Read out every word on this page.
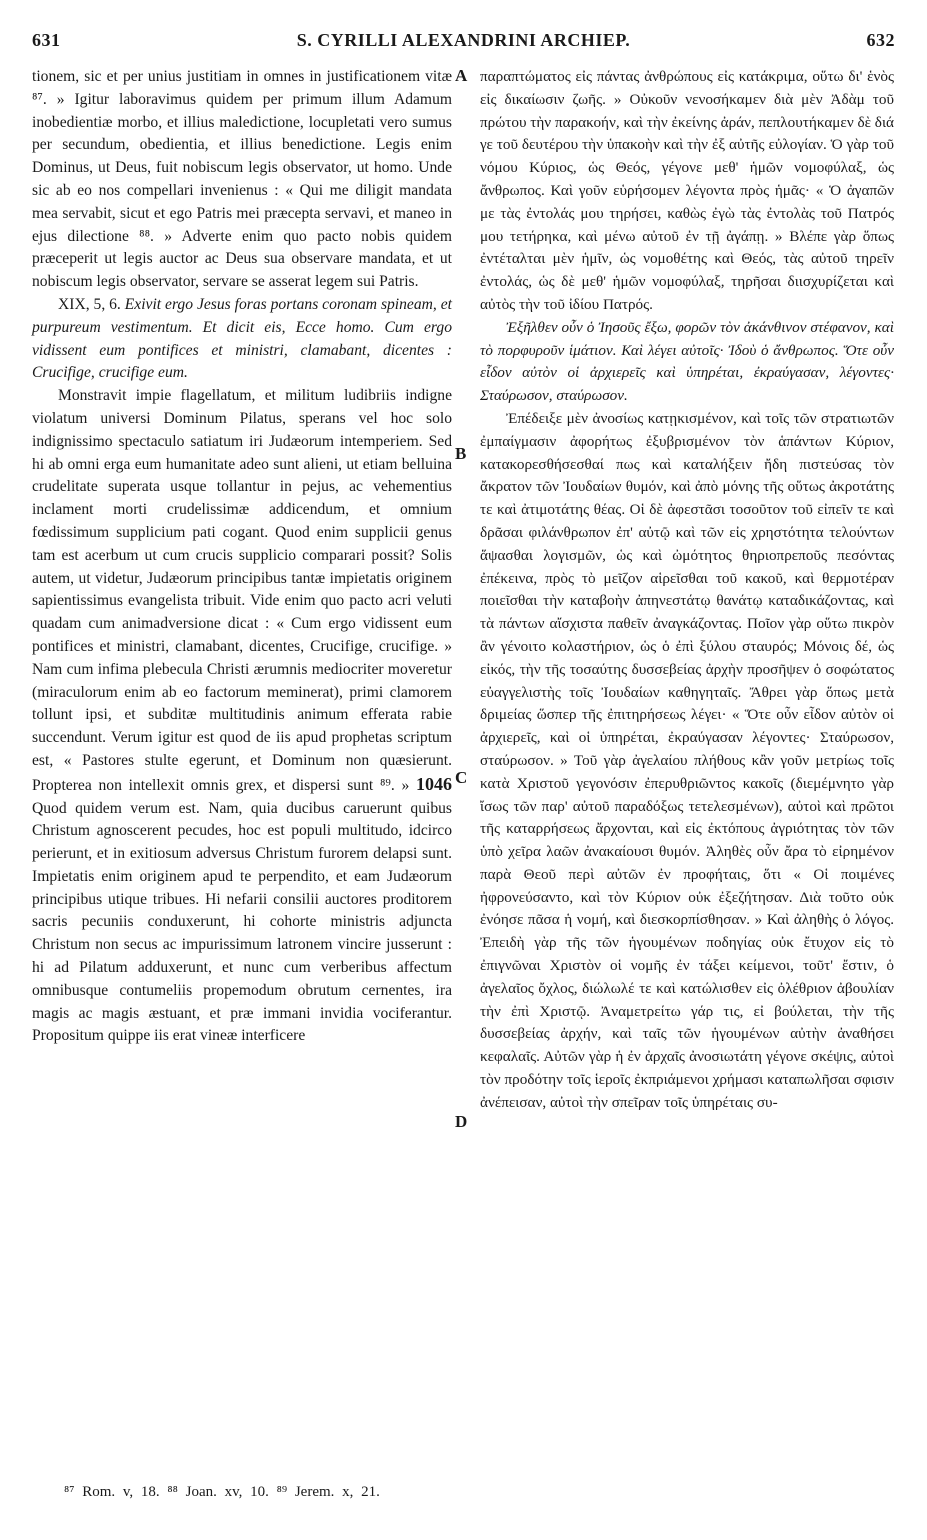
631	S. CYRILLI ALEXANDRINI ARCHIEP.	632

tionem, sic et per unius justitiam in omnes in justificationem vitæ ⁸⁷. » Igitur laboravimus quidem per primum illum Adamum inobedientiæ morbo, et illius maledictione, locupletati vero sumus per secundum, obedientia, et illius benedictione. Legis enim Dominus, ut Deus, fuit nobiscum legis observator, ut homo. Unde sic ab eo nos compellari invenienus : « Qui me diligit mandata mea servabit, sicut et ego Patris mei præcepta servavi, et maneo in ejus dilectione ⁸⁸. » Adverte enim quo pacto nobis quidem præceperit ut legis auctor ac Deus sua observare mandata, et ut nobiscum legis observator, servare se asserat legem sui Patris.

XIX, 5, 6. Exivit ergo Jesus foras portans coronam spineam, et purpureum vestimentum. Et dicit eis, Ecce homo. Cum ergo vidissent eum pontifices et ministri, clamabant, dicentes : Crucifige, crucifige eum.

Monstravit impie flagellatum, et militum ludibriis indigne violatum universi Dominum Pilatus, sperans vel hoc solo indignissimo spectaculo satiatum iri Judæorum intemperiem. Sed hi ab omni erga eum humanitate adeo sunt alieni, ut etiam belluina crudelitate superata usque tollantur in pejus, ac vehementius inclament morti crudelissimæ addicendum, et omnium fœdissimum supplicium pati cogant. Quod enim supplicii genus tam est acerbum ut cum crucis supplicio comparari possit? Solis autem, ut videtur, Judæorum principibus tantæ impietatis originem sapientissimus evangelista tribuit. Vide enim quo pacto acri veluti quadam cum animadversione dicat : « Cum ergo vidissent eum pontifices et ministri, clamabant, dicentes, Crucifige, crucifige. » Nam cum infima plebecula Christi ærumnis mediocriter moveretur (miraculorum enim ab eo factorum meminerat), primi clamorem tollunt ipsi, et subditæ multitudinis animum efferata rabie succendunt. Verum igitur est quod de iis apud prophetas scriptum est, « Pastores stulte egerunt, et Dominum non quæsierunt. Propterea non intellexit omnis grex, et dispersi sunt ⁸⁹. » 1046 Quod quidem verum est. Nam, quia ducibus caruerunt quibus Christum agnoscerent pecudes, hoc est populi multitudo, idcirco perierunt, et in exitiosum adversus Christum furorem delapsi sunt. Impietatis enim originem apud te perpendito, et eam Judæorum principibus utique tribues. Hi nefarii consilii auctores proditorem sacris pecuniis conduxerunt, hi cohorte ministris adjuncta Christum non secus ac impurissimum latronem vincire jusserunt : hi ad Pilatum adduxerunt, et nunc cum verberibus affectum omnibusque contumeliis propemodum obrutum cernentes, ira magis ac magis æstuant, et præ immani invidia vociferantur. Propositum quippe iis erat vineæ interficere

A
B
C
D

παραπτώματος εἰς πάντας ἀνθρώπους εἰς κατάκριμα, οὕτω δι' ἑνὸς εἰς δικαίωσιν ζωῆς. » Οὐκοῦν νενοσήκαμεν διὰ μὲν Ἀδὰμ τοῦ πρώτου τὴν παρακοήν, καὶ τὴν ἐκείνης ἀράν, πεπλουτήκαμεν δὲ διά γε τοῦ δευτέρου τὴν ὑπακοὴν καὶ τὴν ἐξ αὐτῆς εὐλογίαν. Ὁ γὰρ τοῦ νόμου Κύριος, ὡς Θεός, γέγονε μεθ' ἡμῶν νομοφύλαξ, ὡς ἄνθρωπος. Καὶ γοῦν εὑρήσομεν λέγοντα πρὸς ἡμᾶς· « Ὁ ἀγαπῶν με τὰς ἐντολάς μου τηρήσει, καθὼς ἐγὼ τὰς ἐντολὰς τοῦ Πατρός μου τετήρηκα, καὶ μένω αὐτοῦ ἐν τῇ ἀγάπῃ. » Βλέπε γὰρ ὅπως ἐντέταλται μὲν ἡμῖν, ὡς νομοθέτης καὶ Θεός, τὰς αὐτοῦ τηρεῖν ἐντολάς, ὡς δὲ μεθ' ἡμῶν νομοφύλαξ, τηρῆσαι διισχυρίζεται καὶ αὐτὸς τὴν τοῦ ἰδίου Πατρός.

Ἐξῆλθεν οὖν ὁ Ἰησοῦς ἔξω, φορῶν τὸν ἀκάνθινον στέφανον, καὶ τὸ πορφυροῦν ἱμάτιον. Καὶ λέγει αὐτοῖς· Ἰδοὺ ὁ ἄνθρωπος. Ὅτε οὖν εἶδον αὐτὸν οἱ ἀρχιερεῖς καὶ ὑπηρέται, ἐκραύγασαν, λέγοντες· Σταύρωσον, σταύρωσον.

Ἐπέδειξε μὲν ἀνοσίως κατῃκισμένον, καὶ τοῖς τῶν στρατιωτῶν ἐμπαίγμασιν ἀφορήτως ἐξυβρισμένον τὸν ἁπάντων Κύριον, κατακορεσθήσεσθαί πως καὶ καταλήξειν ἤδη πιστεύσας τὸν ἄκρατον τῶν Ἰουδαίων θυμόν, καὶ ἀπὸ μόνης τῆς οὕτως ἀκροτάτης τε καὶ ἀτιμοτάτης θέας. Οἱ δὲ ἀφεστᾶσι τοσοῦτον τοῦ εἰπεῖν τε καὶ δρᾶσαι φιλάνθρωπον ἐπ' αὐτῷ καὶ τῶν εἰς χρηστότητα τελούντων ἅψασθαι λογισμῶν, ὡς καὶ ὠμότητος θηριοπρεποῦς πεσόντας ἐπέκεινα, πρὸς τὸ μεῖζον αἱρεῖσθαι τοῦ κακοῦ, καὶ θερμοτέραν ποιεῖσθαι τὴν καταβοὴν ἀπηνεστάτῳ θανάτῳ καταδικάζοντας, καὶ τὰ πάντων αἴσχιστα παθεῖν ἀναγκάζοντας. Ποῖον γὰρ οὕτω πικρὸν ἂν γένοιτο κολαστήριον, ὡς ὁ ἐπὶ ξύλου σταυρός; Μόνοις δέ, ὡς εἰκός, τὴν τῆς τοσαύτης δυσσεβείας ἀρχὴν προσῆψεν ὁ σοφώτατος εὐαγγελιστὴς τοῖς Ἰουδαίων καθηγηταῖς. Ἄθρει γὰρ ὅπως μετὰ δριμείας ὥσπερ τῆς ἐπιτηρήσεως λέγει· « Ὅτε οὖν εἶδον αὐτὸν οἱ ἀρχιερεῖς, καὶ οἱ ὑπηρέται, ἐκραύγασαν λέγοντες· Σταύρωσον, σταύρωσον. » Τοῦ γὰρ ἀγελαίου πλήθους κἂν γοῦν μετρίως τοῖς κατὰ Χριστοῦ γεγονόσιν ἐπερυθριῶντος κακοῖς (διεμέμνητο γὰρ ἴσως τῶν παρ' αὐτοῦ παραδόξως τετελεσμένων), αὐτοὶ καὶ πρῶτοι τῆς καταρρήσεως ἄρχονται, καὶ εἰς ἐκτόπους ἀγριότητας τὸν τῶν ὑπὸ χεῖρα λαῶν ἀνακαίουσι θυμόν. Ἀληθὲς οὖν ἄρα τὸ εἰρημένον παρὰ Θεοῦ περὶ αὐτῶν ἐν προφήταις, ὅτι « Οἱ ποιμένες ἠφρονεύσαντο, καὶ τὸν Κύριον οὐκ ἐξεζήτησαν. Διὰ τοῦτο οὐκ ἐνόησε πᾶσα ἡ νομή, καὶ διεσκορπίσθησαν. » Καὶ ἀληθὴς ὁ λόγος. Ἐπειδὴ γὰρ τῆς τῶν ἡγουμένων ποδηγίας οὐκ ἔτυχον εἰς τὸ ἐπιγνῶναι Χριστὸν οἱ νομῆς ἐν τάξει κείμενοι, τοῦτ' ἔστιν, ὁ ἀγελαῖος ὄχλος, διώλωλέ τε καὶ κατώλισθεν εἰς ὀλέθριον ἀβουλίαν τὴν ἐπὶ Χριστῷ. Ἀναμετρείτω γάρ τις, εἰ βούλεται, τὴν τῆς δυσσεβείας ἀρχήν, καὶ ταῖς τῶν ἡγουμένων αὐτὴν ἀναθήσει κεφαλαῖς. Αὐτῶν γὰρ ἡ ἐν ἀρχαῖς ἀνοσιωτάτη γέγονε σκέψις, αὐτοὶ τὸν προδότην τοῖς ἱεροῖς ἐκπριάμενοι χρήμασι καταπωλῆσαι σφισιν ἀνέπεισαν, αὐτοὶ τὴν σπεῖραν τοῖς ὑπηρέταις συ-

⁸⁷ Rom. v, 18. ⁸⁸ Joan. xv, 10. ⁸⁹ Jerem. x, 21.
